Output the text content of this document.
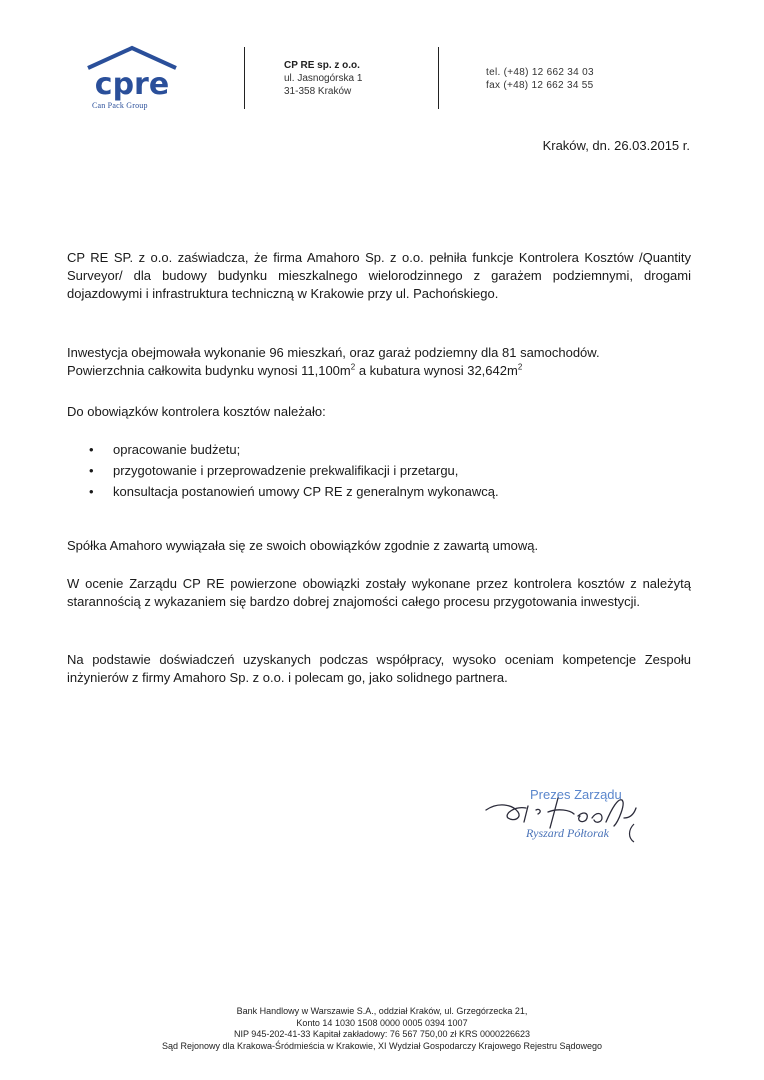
cpre
Can Pack Group
CP RE sp. z o.o.
ul. Jasnogórska 1
31-358 Kraków
tel. (+48) 12 662 34 03
fax (+48) 12 662 34 55
Kraków, dn. 26.03.2015 r.

CP RE SP. z o.o. zaświadcza, że firma Amahoro Sp. z o.o. pełniła funkcje Kontrolera Kosztów /Quantity Surveyor/ dla budowy budynku mieszkalnego wielorodzinnego z garażem podziemnymi, drogami dojazdowymi i infrastruktura techniczną w Krakowie przy ul. Pachońskiego.

Inwestycja obejmowała wykonanie 96 mieszkań, oraz garaż podziemny dla 81 samochodów.

Powierzchnia całkowita budynku wynosi $11,100m^2$ a kubatura wynosi $32,642m^2$

Do obowiązków kontrolera kosztów należało:

• opracowanie budżetu;
• przygotowanie i przeprowadzenie prekwalifikacji i przetargu,
• konsultacja postanowień umowy CP RE z generalnym wykonawcą.

Spółka Amahoro wywiązała się ze swoich obowiązków zgodnie z zawartą umową.

W ocenie Zarządu CP RE powierzone obowiązki zostały wykonane przez kontrolera kosztów z należytą starannością z wykazaniem się bardzo dobrej znajomości całego procesu przygotowania inwestycji.

Na podstawie doświadczeń uzyskanych podczas współpracy, wysoko oceniam kompetencje Zespołu inżynierów z firmy Amahoro Sp. z o.o. i polecam go, jako solidnego partnera.

Prezes Zarządu
Ryszard Półtorak
Bank Handlowy w Warszawie S.A., oddział Kraków, ul. Grzegórzecka 21,
Konto 14 1030 1508 0000 0005 0394 1007
NIP 945-202-41-33 Kapitał zakładowy: 76 567 750,00 zł KRS 0000226623
Sąd Rejonowy dla Krakowa-Śródmieścia w Krakowie, XI Wydział Gospodarczy Krajowego Rejestru Sądowego
